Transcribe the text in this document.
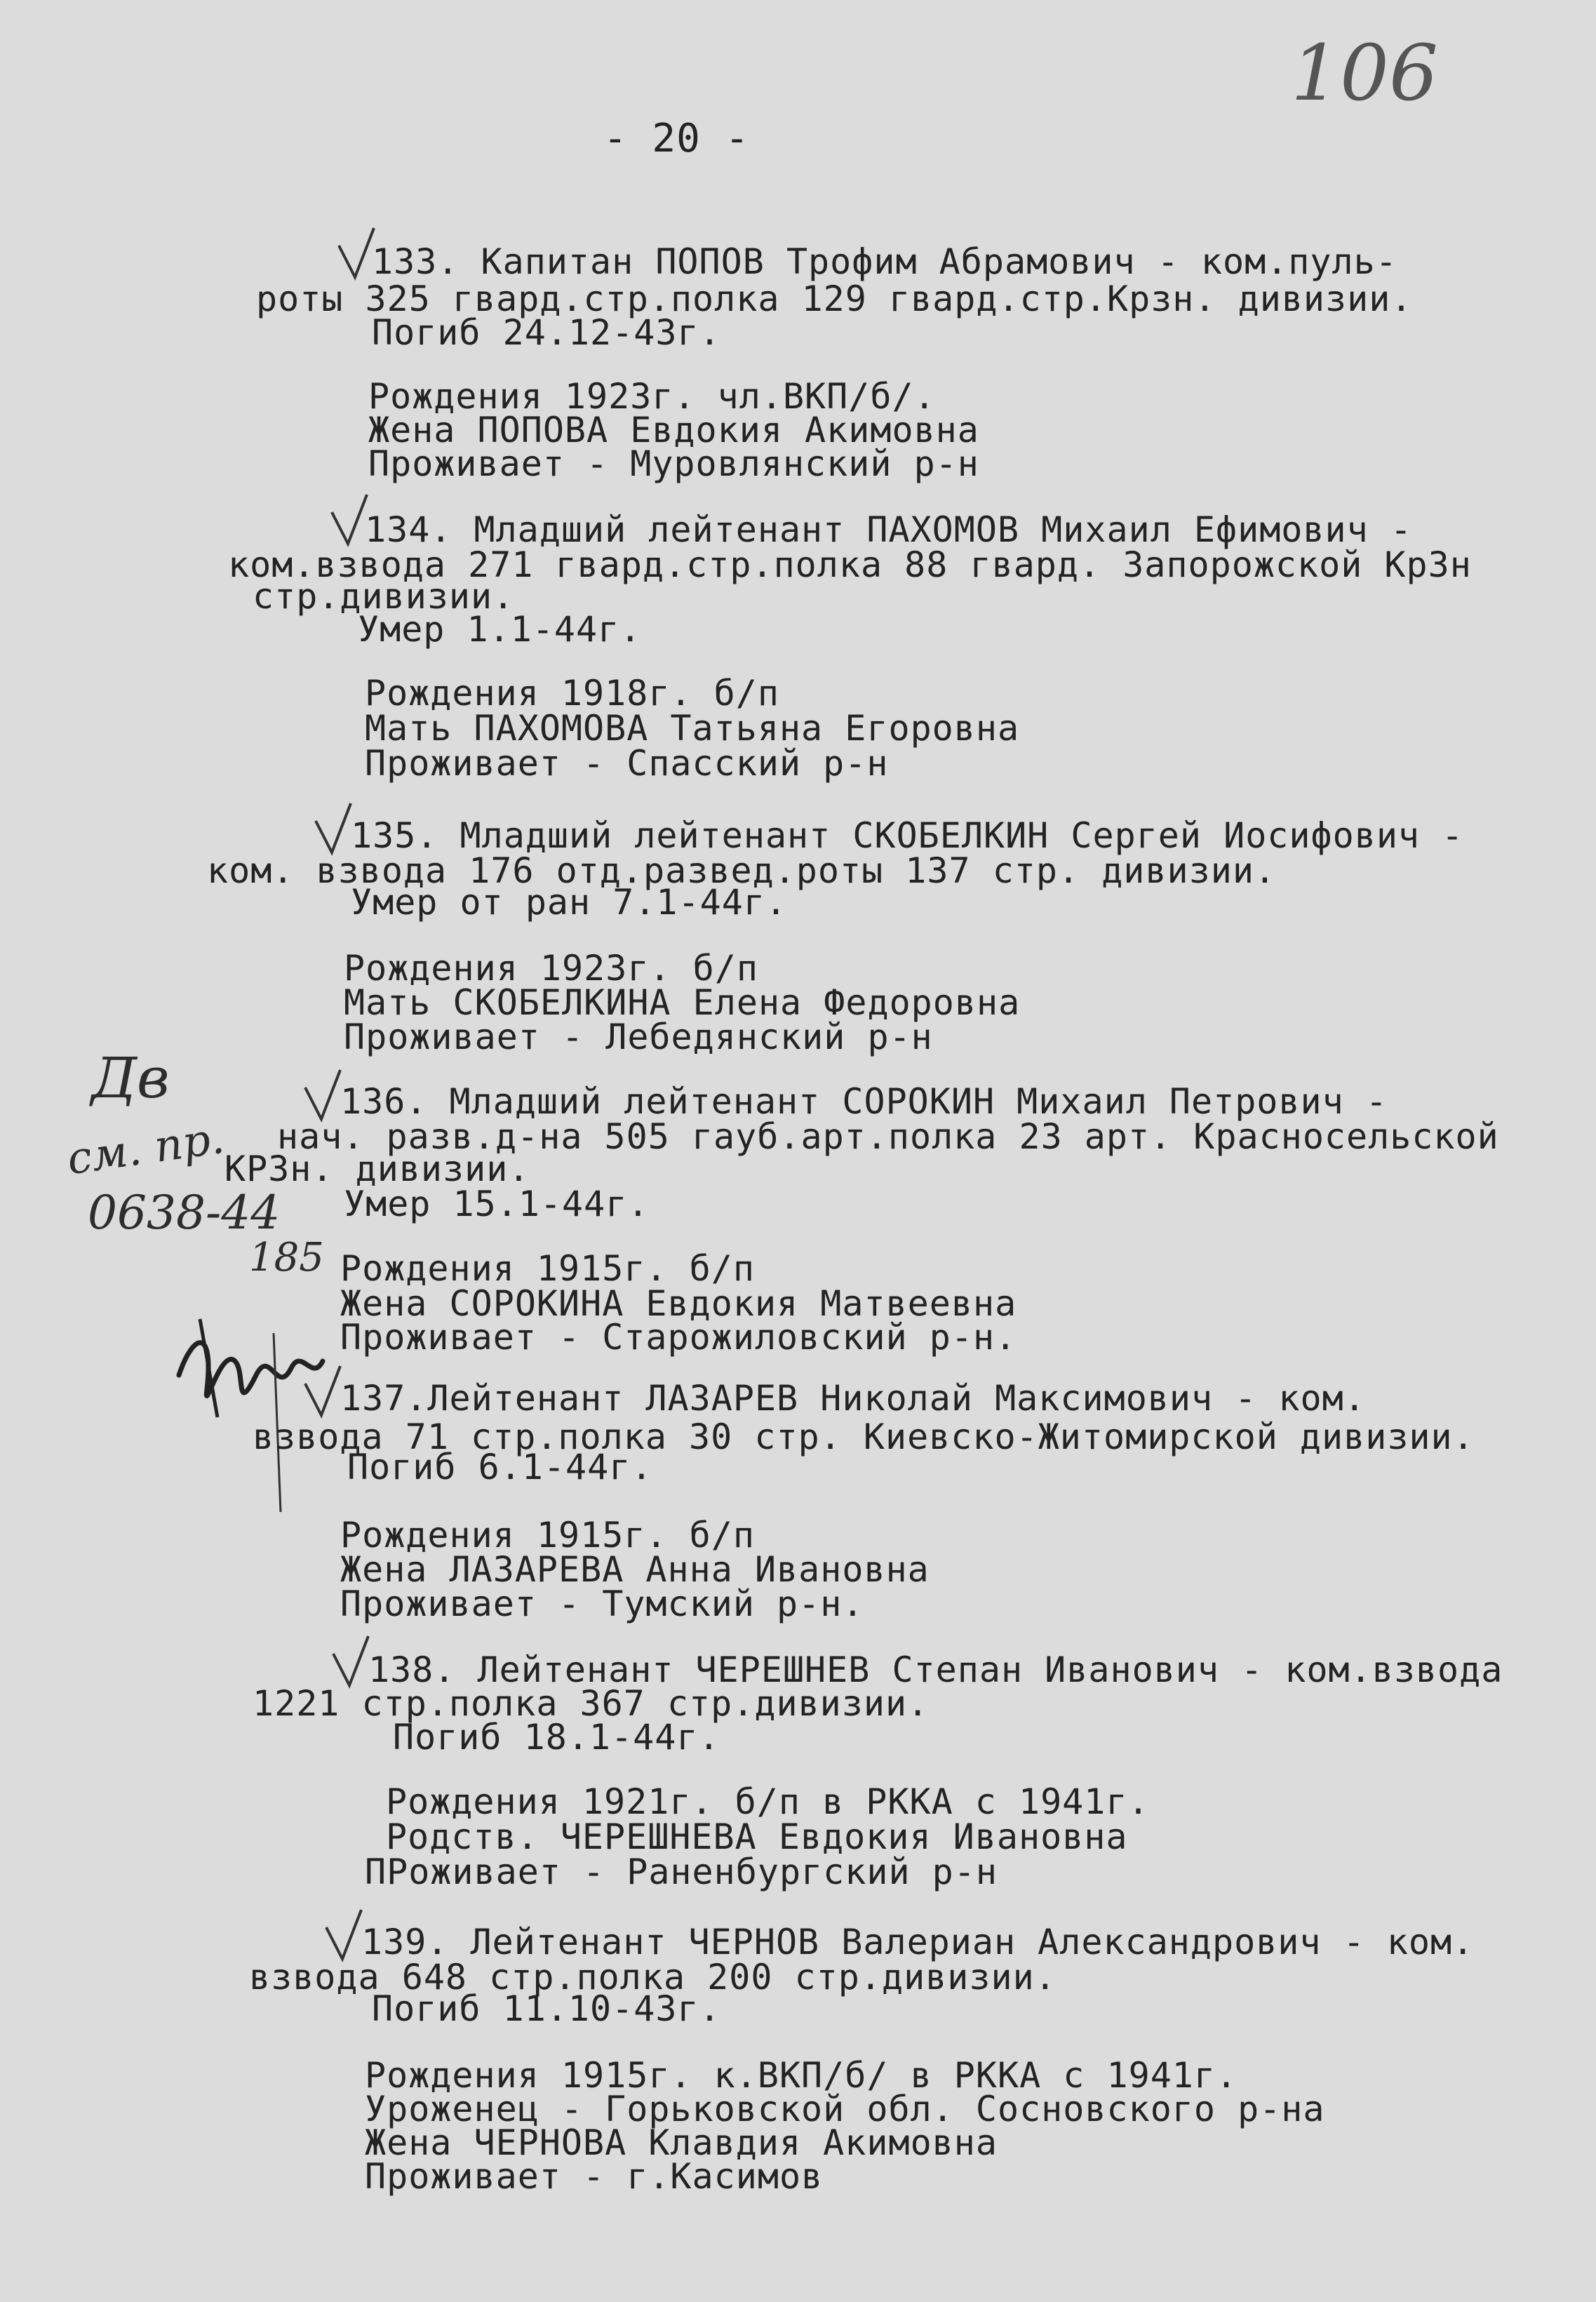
106
- 20 -
133. Капитан ПОПОВ Трофим Абрамович - ком.пуль-
роты 325 гвард.стр.полка 129 гвард.стр.Крзн. дивизии.
Погиб 24.12-43г.
Рождения 1923г. чл.ВКП/б/.
Жена ПОПОВА Евдокия Акимовна
Проживает - Муровлянский р-н
134. Младший лейтенант ПАХОМОВ Михаил Ефимович -
ком.взвода 271 гвард.стр.полка 88 гвард. Запорожской КрЗн
стр.дивизии.
Умер 1.1-44г.
Рождения 1918г. б/п
Мать ПАХОМОВА Татьяна Егоровна
Проживает - Спасский р-н
135. Младший лейтенант СКОБЕЛКИН Сергей Иосифович -
ком. взвода 176 отд.развед.роты 137 стр. дивизии.
Умер от ран 7.1-44г.
Рождения 1923г. б/п
Мать СКОБЕЛКИНА Елена Федоровна
Проживает - Лебедянский р-н
136. Младший лейтенант СОРОКИН Михаил Петрович -
нач. разв.д-на 505 гауб.арт.полка 23 арт. Красносельской
КРЗн. дивизии.
Умер 15.1-44г.
Рождения 1915г. б/п
Жена СОРОКИНА Евдокия Матвеевна
Проживает - Старожиловский р-н.
Дв
см. пр.
0638-44
185
137.Лейтенант ЛАЗАРЕВ Николай Максимович - ком.
взвода 71 стр.полка 30 стр. Киевско-Житомирской дивизии.
Погиб 6.1-44г.
Рождения 1915г. б/п
Жена ЛАЗАРЕВА Анна Ивановна
Проживает - Тумский р-н.
138. Лейтенант ЧЕРЕШНЕВ Степан Иванович - ком.взвода
1221 стр.полка 367 стр.дивизии.
Погиб 18.1-44г.
Рождения 1921г. б/п в РККА с 1941г.
Родств. ЧЕРЕШНЕВА Евдокия Ивановна
ПРоживает - Раненбургский р-н
139. Лейтенант ЧЕРНОВ Валериан Александрович - ком.
взвода 648 стр.полка 200 стр.дивизии.
Погиб 11.10-43г.
Рождения 1915г. к.ВКП/б/ в РККА с 1941г.
Уроженец - Горьковской обл. Сосновского р-на
Жена ЧЕРНОВА Клавдия Акимовна
Проживает - г.Касимов
